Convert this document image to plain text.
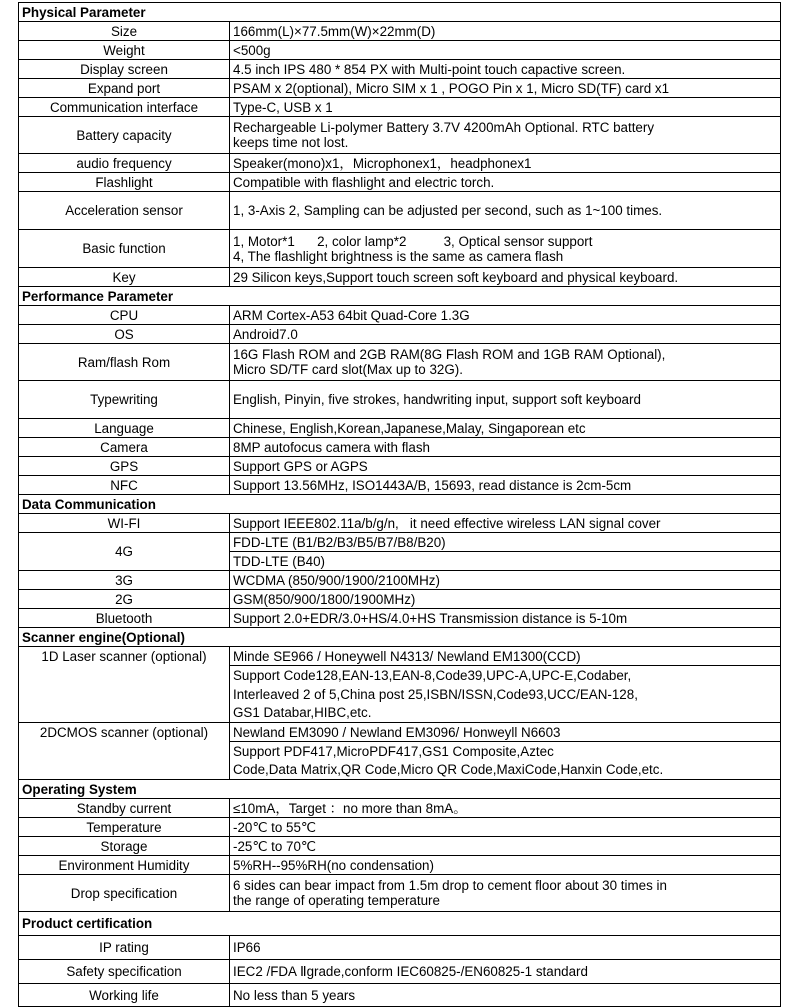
Physical Parameter	
Size	166mm(L)×77.5mm(W)×22mm(D)
Weight	<500g
Display screen	4.5 inch IPS 480 * 854 PX with Multi-point touch capactive screen.
Expand port	PSAM x 2(optional), Micro SIM x 1 , POGO Pin x 1, Micro SD(TF) card x1
Communication interface	Type-C, USB x 1
Battery capacity	Rechargeable Li-polymer Battery 3.7V 4200mAh Optional. RTC battery
keeps time not lost.

audio frequency	Speaker(mono)x1，Microphonex1，headphonex1
Flashlight	Compatible with flashlight and electric torch.
Acceleration sensor	1, 3-Axis 2, Sampling can be adjusted per second, such as 1~100 times.
Basic function	1, Motor*1      2, color lamp*2          3, Optical sensor support
4, The flashlight brightness is the same as camera flash

Key	29 Silicon keys,Support touch screen soft keyboard and physical keyboard.
Performance Parameter	
CPU	ARM Cortex-A53 64bit Quad-Core 1.3G
OS	Android7.0
Ram/flash Rom	16G Flash ROM and 2GB RAM(8G Flash ROM and 1GB RAM Optional),
Micro SD/TF card slot(Max up to 32G).

Typewriting	English, Pinyin, five strokes, handwriting input, support soft keyboard
Language	Chinese, English,Korean,Japanese,Malay, Singaporean etc
Camera	8MP autofocus camera with flash
GPS	Support GPS or AGPS
NFC	Support 13.56MHz, ISO1443A/B, 15693, read distance is 2cm-5cm
Data Communication	
WI-FI	Support IEEE802.11a/b/g/n,   it need effective wireless LAN signal cover
4G	FDD-LTE (B1/B2/B3/B5/B7/B8/B20)
	TDD-LTE (B40)
3G	WCDMA (850/900/1900/2100MHz)
2G	GSM(850/900/1800/1900MHz)
Bluetooth	Support 2.0+EDR/3.0+HS/4.0+HS Transmission distance is 5-10m
Scanner engine(Optional)	
1D Laser scanner (optional)	Minde SE966 / Honeywell N4313/ Newland EM1300(CCD)
	Support Code128,EAN-13,EAN-8,Code39,UPC-A,UPC-E,Codaber,
	Interleaved 2 of 5,China post 25,ISBN/ISSN,Code93,UCC/EAN-128,
	GS1 Databar,HIBC,etc.
2DCMOS scanner (optional)	Newland EM3090 / Newland EM3096/ Honweyll N6603
	Support PDF417,MicroPDF417,GS1 Composite,Aztec
	Code,Data Matrix,QR Code,Micro QR Code,MaxiCode,Hanxin Code,etc.
Operating System	
Standby current	≤10mA，Target ：no more than 8mA。
Temperature	-20℃ to 55℃
Storage	-25℃ to 70℃
Environment Humidity	5%RH--95%RH(no condensation)
Drop specification	6 sides can bear impact from 1.5m drop to cement floor about 30 times in
the range of operating temperature

Product certification	
IP rating	IP66
Safety specification	IEC2 /FDA Ⅱgrade,conform IEC60825-/EN60825-1 standard
Working life	No less than 5 years
